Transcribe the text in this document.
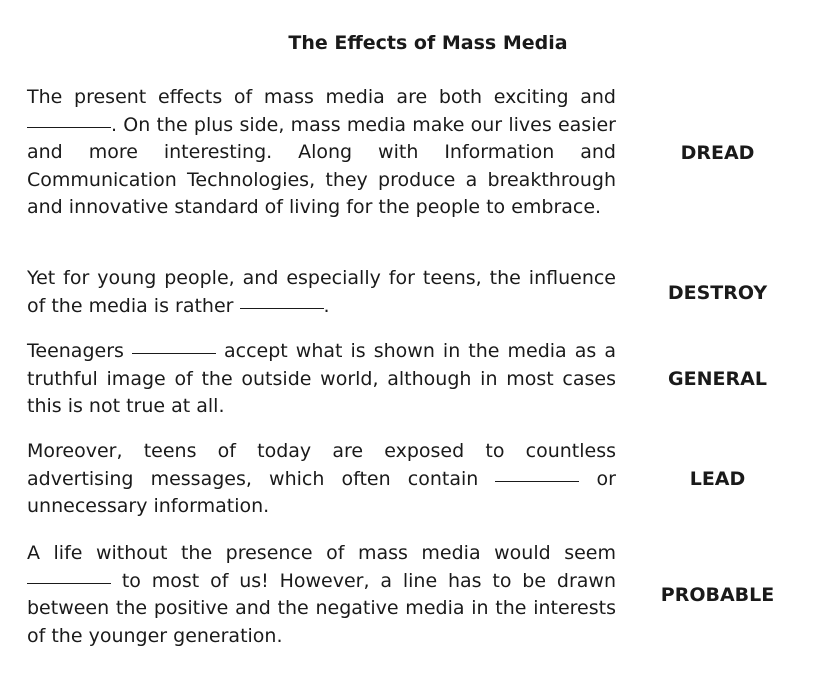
The Effects of Mass Media
The present effects of mass media are both exciting and . On the plus side, mass media make our lives easier and more interesting. Along with Information and Communication Technologies, they produce a breakthrough and innovative standard of living for the people to embrace.
DREAD
Yet for young people, and especially for teens, the influence of the media is rather	.
DESTROY
Teenagers	accept what is shown in the media as a truthful image of the outside world, although in most cases this is not true at all.
GENERAL
Moreover, teens of today are exposed to countless advertising messages, which often contain	or unnecessary information.
LEAD
A life without the presence of mass media would seem  to most of us! However, a line has to be drawn between the positive and the negative media in the interests of the younger generation.
PROBABLE
